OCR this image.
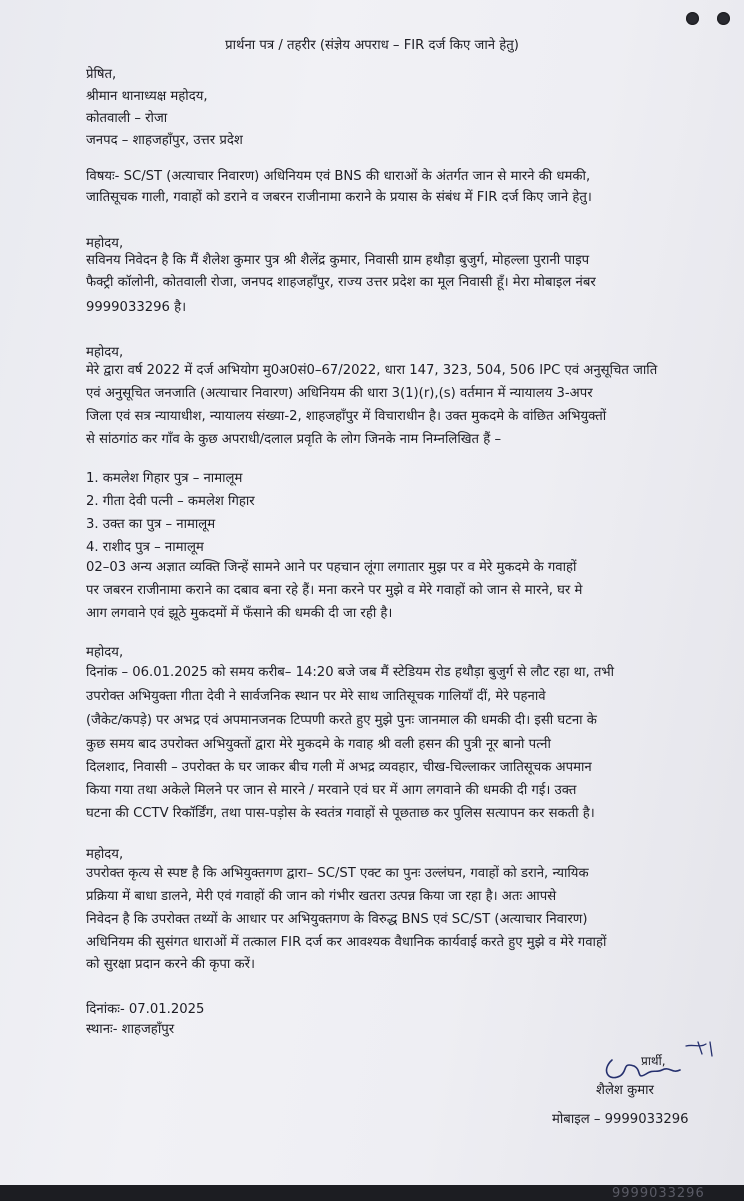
प्रार्थना पत्र / तहरीर (संज्ञेय अपराध – FIR दर्ज किए जाने हेतु)

प्रेषित,

श्रीमान थानाध्यक्ष महोदय,

कोतवाली – रोजा

जनपद – शाहजहाँपुर, उत्तर प्रदेश

विषयः- SC/ST (अत्याचार निवारण) अधिनियम एवं BNS की धाराओं के अंतर्गत जान से मारने की धमकी,

जातिसूचक गाली, गवाहों को डराने व जबरन राजीनामा कराने के प्रयास के संबंध में FIR दर्ज किए जाने हेतु।

महोदय,

सविनय निवेदन है कि मैं शैलेश कुमार पुत्र श्री शैलेंद्र कुमार, निवासी ग्राम हथौड़ा बुजुर्ग, मोहल्ला पुरानी पाइप

फैक्ट्री कॉलोनी, कोतवाली रोजा, जनपद शाहजहाँपुर, राज्य उत्तर प्रदेश का मूल निवासी हूँ। मेरा मोबाइल नंबर

9999033296 है।

महोदय,

मेरे द्वारा वर्ष 2022 में दर्ज अभियोग मु0अ0सं0–67/2022, धारा 147, 323, 504, 506 IPC एवं अनुसूचित जाति

एवं अनुसूचित जनजाति (अत्याचार निवारण) अधिनियम की धारा 3(1)(r),(s) वर्तमान में न्यायालय 3-अपर

जिला एवं सत्र न्यायाधीश, न्यायालय संख्या-2, शाहजहाँपुर में विचाराधीन है। उक्त मुकदमे के वांछित अभियुक्तों

से सांठगांठ कर गाँव के कुछ अपराधी/दलाल प्रवृति के लोग जिनके नाम निम्नलिखित हैं –

1. कमलेश गिहार पुत्र – नामालूम

2. गीता देवी पत्नी – कमलेश गिहार

3. उक्त का पुत्र – नामालूम

4. राशीद पुत्र – नामालूम

02–03 अन्य अज्ञात व्यक्ति जिन्हें सामने आने पर पहचान लूंगा लगातार मुझ पर व मेरे मुकदमे के गवाहों

पर जबरन राजीनामा कराने का दबाव बना रहे हैं। मना करने पर मुझे व मेरे गवाहों को जान से मारने, घर मे

आग लगवाने एवं झूठे मुकदमों में फँसाने की धमकी दी जा रही है।

महोदय,

दिनांक – 06.01.2025 को समय करीब– 14:20 बजे जब मैं स्टेडियम रोड हथौड़ा बुजुर्ग से लौट रहा था, तभी

उपरोक्त अभियुक्ता गीता देवी ने सार्वजनिक स्थान पर मेरे साथ जातिसूचक गालियाँ दीं, मेरे पहनावे

(जैकेट/कपड़े) पर अभद्र एवं अपमानजनक टिप्पणी करते हुए मुझे पुनः जानमाल की धमकी दी। इसी घटना के

कुछ समय बाद उपरोक्त अभियुक्तों द्वारा मेरे मुकदमे के गवाह श्री वली हसन की पुत्री नूर बानो पत्नी

दिलशाद, निवासी – उपरोक्त के घर जाकर बीच गली में अभद्र व्यवहार, चीख-चिल्लाकर जातिसूचक अपमान

किया गया तथा अकेले मिलने पर जान से मारने / मरवाने एवं घर में आग लगवाने की धमकी दी गई। उक्त

घटना की CCTV रिकॉर्डिंग, तथा पास-पड़ोस के स्वतंत्र गवाहों से पूछताछ कर पुलिस सत्यापन कर सकती है।

महोदय,

उपरोक्त कृत्य से स्पष्ट है कि अभियुक्तगण द्वारा– SC/ST एक्ट का पुनः उल्लंघन, गवाहों को डराने, न्यायिक

प्रक्रिया में बाधा डालने, मेरी एवं गवाहों की जान को गंभीर खतरा उत्पन्न किया जा रहा है। अतः आपसे

निवेदन है कि उपरोक्त तथ्यों के आधार पर अभियुक्तगण के विरुद्ध BNS एवं SC/ST (अत्याचार निवारण)

अधिनियम की सुसंगत धाराओं में तत्काल FIR दर्ज कर आवश्यक वैधानिक कार्यवाई करते हुए मुझे व मेरे गवाहों

को सुरक्षा प्रदान करने की कृपा करें।

दिनांकः- 07.01.2025

स्थानः- शाहजहाँपुर

प्रार्थी,

शैलेश कुमार

मोबाइल – 9999033296

9999033296
